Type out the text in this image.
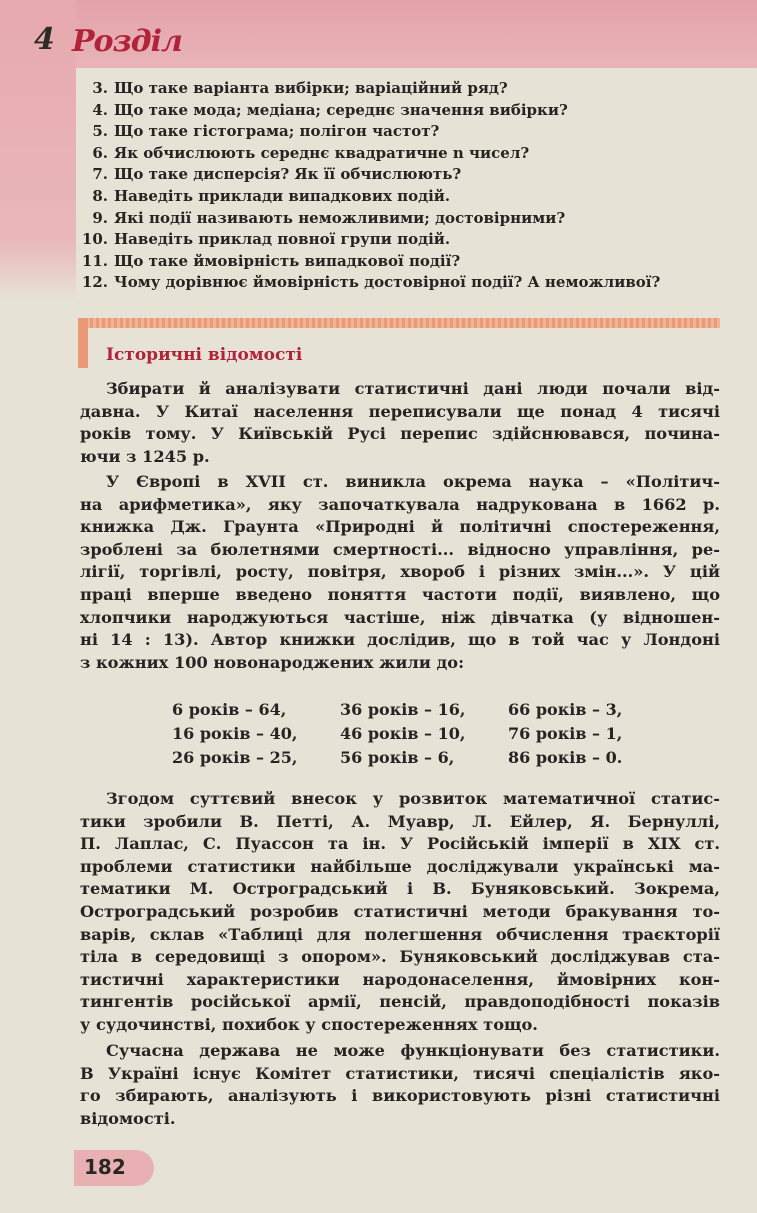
4 Розділ
3. Що таке варіанта вибірки; варіаційний ряд?
4. Що таке мода; медіана; середнє значення вибірки?
5. Що таке гістограма; полігон частот?
6. Як обчислюють середнє квадратичне n чисел?
7. Що таке дисперсія? Як її обчислюють?
8. Наведіть приклади випадкових подій.
9. Які події називають неможливими; достовірними?
10. Наведіть приклад повної групи подій.
11. Що таке ймовірність випадкової події?
12. Чому дорівнює ймовірність достовірної події? А неможливої?
Історичні відомості
Збирати й аналізувати статистичні дані люди почали від-
давна. У Китаї населення переписували ще понад 4 тисячі
років тому. У Київській Русі перепис здійснювався, почина-
ючи з 1245 р.
У Європі в XVII ст. виникла окрема наука – «Політич-
на арифметика», яку започаткувала надрукована в 1662 р.
книжка Дж. Граунта «Природні й політичні спостереження,
зроблені за бюлетнями смертності... відносно управління, ре-
лігії, торгівлі, росту, повітря, хвороб і різних змін...». У цій
праці вперше введено поняття частоти події, виявлено, що
хлопчики народжуються частіше, ніж дівчатка (у відношен-
ні 14 : 13). Автор книжки дослідив, що в той час у Лондоні
з кожних 100 новонароджених жили до:
6 років – 64,	36 років – 16,	66 років – 3,
16 років – 40,	46 років – 10,	76 років – 1,
26 років – 25,	56 років – 6,	86 років – 0.
Згодом суттєвий внесок у розвиток математичної статис-
тики зробили В. Петті, А. Муавр, Л. Ейлер, Я. Бернуллі,
П. Лаплас, С. Пуассон та ін. У Російській імперії в XIX ст.
проблеми статистики найбільше досліджували українські ма-
тематики М. Остроградський і В. Буняковський. Зокрема,
Остроградський розробив статистичні методи бракування то-
варів, склав «Таблиці для полегшення обчислення траєкторії
тіла в середовищі з опором». Буняковський досліджував ста-
тистичні характеристики народонаселення, ймовірних кон-
тингентів російської армії, пенсій, правдоподібності показів
у судочинстві, похибок у спостереженнях тощо.
Сучасна держава не може функціонувати без статистики.
В Україні існує Комітет статистики, тисячі спеціалістів яко-
го збирають, аналізують і використовують різні статистичні
відомості.
182
